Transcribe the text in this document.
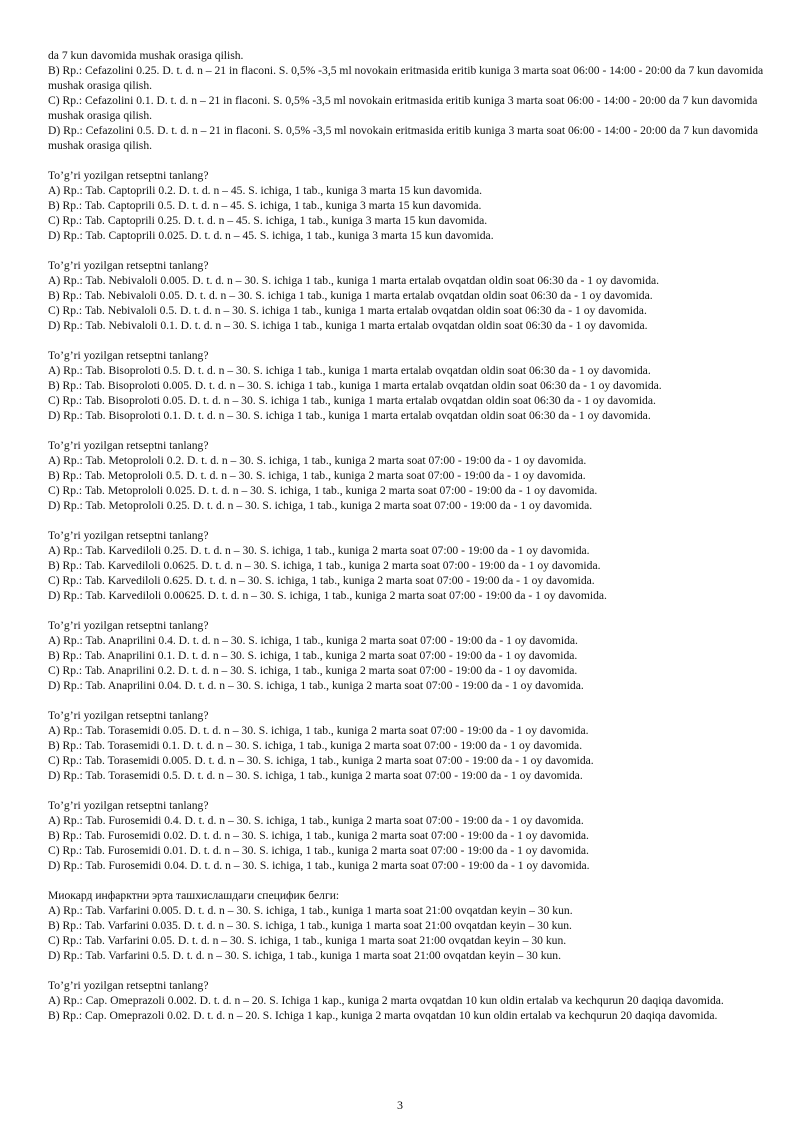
da 7 kun davomida mushak orasiga qilish.
B) Rp.: Cefazolini 0.25. D. t. d. n – 21 in flaconi. S. 0,5% -3,5 ml novokain eritmasida eritib kuniga 3 marta soat 06:00 - 14:00 - 20:00 da 7 kun davomida mushak orasiga qilish.
C) Rp.: Cefazolini 0.1. D. t. d. n – 21 in flaconi. S. 0,5% -3,5 ml novokain eritmasida eritib kuniga 3 marta soat 06:00 - 14:00 - 20:00 da 7 kun davomida mushak orasiga qilish.
D) Rp.: Cefazolini 0.5. D. t. d. n – 21 in flaconi. S. 0,5% -3,5 ml novokain eritmasida eritib kuniga 3 marta soat 06:00 - 14:00 - 20:00 da 7 kun davomida mushak orasiga qilish.
To’g’ri yozilgan retseptni tanlang?
A) Rp.: Tab. Captoprili 0.2. D. t. d. n – 45. S. ichiga, 1 tab., kuniga 3 marta 15 kun davomida.
B) Rp.: Tab. Captoprili 0.5. D. t. d. n – 45. S. ichiga, 1 tab., kuniga 3 marta 15 kun davomida.
C) Rp.: Tab. Captoprili 0.25. D. t. d. n – 45. S. ichiga, 1 tab., kuniga 3 marta 15 kun davomida.
D) Rp.: Tab. Captoprili 0.025. D. t. d. n – 45. S. ichiga, 1 tab., kuniga 3 marta 15 kun davomida.
To’g’ri yozilgan retseptni tanlang?
A) Rp.: Tab. Nebivaloli 0.005. D. t. d. n – 30. S. ichiga 1 tab., kuniga 1 marta ertalab ovqatdan oldin soat 06:30 da - 1 oy davomida.
B) Rp.: Tab. Nebivaloli 0.05. D. t. d. n – 30. S. ichiga 1 tab., kuniga 1 marta ertalab ovqatdan oldin soat 06:30 da - 1 oy davomida.
C) Rp.: Tab. Nebivaloli 0.5. D. t. d. n – 30. S. ichiga 1 tab., kuniga 1 marta ertalab ovqatdan oldin soat 06:30 da - 1 oy davomida.
D) Rp.: Tab. Nebivaloli 0.1. D. t. d. n – 30. S. ichiga 1 tab., kuniga 1 marta ertalab ovqatdan oldin soat 06:30 da - 1 oy davomida.
To’g’ri yozilgan retseptni tanlang?
A) Rp.: Tab. Bisoproloti 0.5. D. t. d. n – 30. S. ichiga 1 tab., kuniga 1 marta ertalab ovqatdan oldin soat 06:30 da - 1 oy davomida.
B) Rp.: Tab. Bisoproloti 0.005. D. t. d. n – 30. S. ichiga 1 tab., kuniga 1 marta ertalab ovqatdan oldin soat 06:30 da - 1 oy davomida.
C) Rp.: Tab. Bisoproloti 0.05. D. t. d. n – 30. S. ichiga 1 tab., kuniga 1 marta ertalab ovqatdan oldin soat 06:30 da - 1 oy davomida.
D) Rp.: Tab. Bisoproloti 0.1. D. t. d. n – 30. S. ichiga 1 tab., kuniga 1 marta ertalab ovqatdan oldin soat 06:30 da - 1 oy davomida.
To’g’ri yozilgan retseptni tanlang?
A) Rp.: Tab. Metoprololi 0.2. D. t. d. n – 30. S. ichiga, 1 tab., kuniga 2 marta soat 07:00 - 19:00 da - 1 oy davomida.
B) Rp.: Tab. Metoprololi 0.5. D. t. d. n – 30. S. ichiga, 1 tab., kuniga 2 marta soat 07:00 - 19:00 da - 1 oy davomida.
C) Rp.: Tab. Metoprololi 0.025. D. t. d. n – 30. S. ichiga, 1 tab., kuniga 2 marta soat 07:00 - 19:00 da - 1 oy davomida.
D) Rp.: Tab. Metoprololi 0.25. D. t. d. n – 30. S. ichiga, 1 tab., kuniga 2 marta soat 07:00 - 19:00 da - 1 oy davomida.
To’g’ri yozilgan retseptni tanlang?
A) Rp.: Tab. Karvediloli 0.25. D. t. d. n – 30. S. ichiga, 1 tab., kuniga 2 marta soat 07:00 - 19:00 da - 1 oy davomida.
B) Rp.: Tab. Karvediloli 0.0625. D. t. d. n – 30. S. ichiga, 1 tab., kuniga 2 marta soat 07:00 - 19:00 da - 1 oy davomida.
C) Rp.: Tab. Karvediloli 0.625. D. t. d. n – 30. S. ichiga, 1 tab., kuniga 2 marta soat 07:00 - 19:00 da - 1 oy davomida.
D) Rp.: Tab. Karvediloli 0.00625. D. t. d. n – 30. S. ichiga, 1 tab., kuniga 2 marta soat 07:00 - 19:00 da - 1 oy davomida.
To’g’ri yozilgan retseptni tanlang?
A) Rp.: Tab. Anaprilini 0.4. D. t. d. n – 30. S. ichiga, 1 tab., kuniga 2 marta soat 07:00 - 19:00 da - 1 oy davomida.
B) Rp.: Tab. Anaprilini 0.1. D. t. d. n – 30. S. ichiga, 1 tab., kuniga 2 marta soat 07:00 - 19:00 da - 1 oy davomida.
C) Rp.: Tab. Anaprilini 0.2. D. t. d. n – 30. S. ichiga, 1 tab., kuniga 2 marta soat 07:00 - 19:00 da - 1 oy davomida.
D) Rp.: Tab. Anaprilini 0.04. D. t. d. n – 30. S. ichiga, 1 tab., kuniga 2 marta soat 07:00 - 19:00 da - 1 oy davomida.
To’g’ri yozilgan retseptni tanlang?
A) Rp.: Tab. Torasemidi 0.05. D. t. d. n – 30. S. ichiga, 1 tab., kuniga 2 marta soat 07:00 - 19:00 da - 1 oy davomida.
B) Rp.: Tab. Torasemidi 0.1. D. t. d. n – 30. S. ichiga, 1 tab., kuniga 2 marta soat 07:00 - 19:00 da - 1 oy davomida.
C) Rp.: Tab. Torasemidi 0.005. D. t. d. n – 30. S. ichiga, 1 tab., kuniga 2 marta soat 07:00 - 19:00 da - 1 oy davomida.
D) Rp.: Tab. Torasemidi 0.5. D. t. d. n – 30. S. ichiga, 1 tab., kuniga 2 marta soat 07:00 - 19:00 da - 1 oy davomida.
To’g’ri yozilgan retseptni tanlang?
A) Rp.: Tab. Furosemidi 0.4. D. t. d. n – 30. S. ichiga, 1 tab., kuniga 2 marta soat 07:00 - 19:00 da - 1 oy davomida.
B) Rp.: Tab. Furosemidi 0.02. D. t. d. n – 30. S. ichiga, 1 tab., kuniga 2 marta soat 07:00 - 19:00 da - 1 oy davomida.
C) Rp.: Tab. Furosemidi 0.01. D. t. d. n – 30. S. ichiga, 1 tab., kuniga 2 marta soat 07:00 - 19:00 da - 1 oy davomida.
D) Rp.: Tab. Furosemidi 0.04. D. t. d. n – 30. S. ichiga, 1 tab., kuniga 2 marta soat 07:00 - 19:00 da - 1 oy davomida.
Миокард инфарктни эрта ташхислашдаги специфик белги:
A) Rp.: Tab. Varfarini 0.005. D. t. d. n – 30. S. ichiga, 1 tab., kuniga 1 marta soat 21:00 ovqatdan keyin – 30 kun.
B) Rp.: Tab. Varfarini 0.035. D. t. d. n – 30. S. ichiga, 1 tab., kuniga 1 marta soat 21:00 ovqatdan keyin – 30 kun.
C) Rp.: Tab. Varfarini 0.05. D. t. d. n – 30. S. ichiga, 1 tab., kuniga 1 marta soat 21:00 ovqatdan keyin – 30 kun.
D) Rp.: Tab. Varfarini 0.5. D. t. d. n – 30. S. ichiga, 1 tab., kuniga 1 marta soat 21:00 ovqatdan keyin – 30 kun.
To’g’ri yozilgan retseptni tanlang?
A) Rp.: Cap. Omeprazoli 0.002. D. t. d. n – 20. S. Ichiga 1 kap., kuniga 2 marta ovqatdan 10 kun oldin ertalab va kechqurun 20 daqiqa davomida.
B) Rp.: Cap. Omeprazoli 0.02. D. t. d. n – 20. S. Ichiga 1 kap., kuniga 2 marta ovqatdan 10 kun oldin ertalab va kechqurun 20 daqiqa davomida.
3
